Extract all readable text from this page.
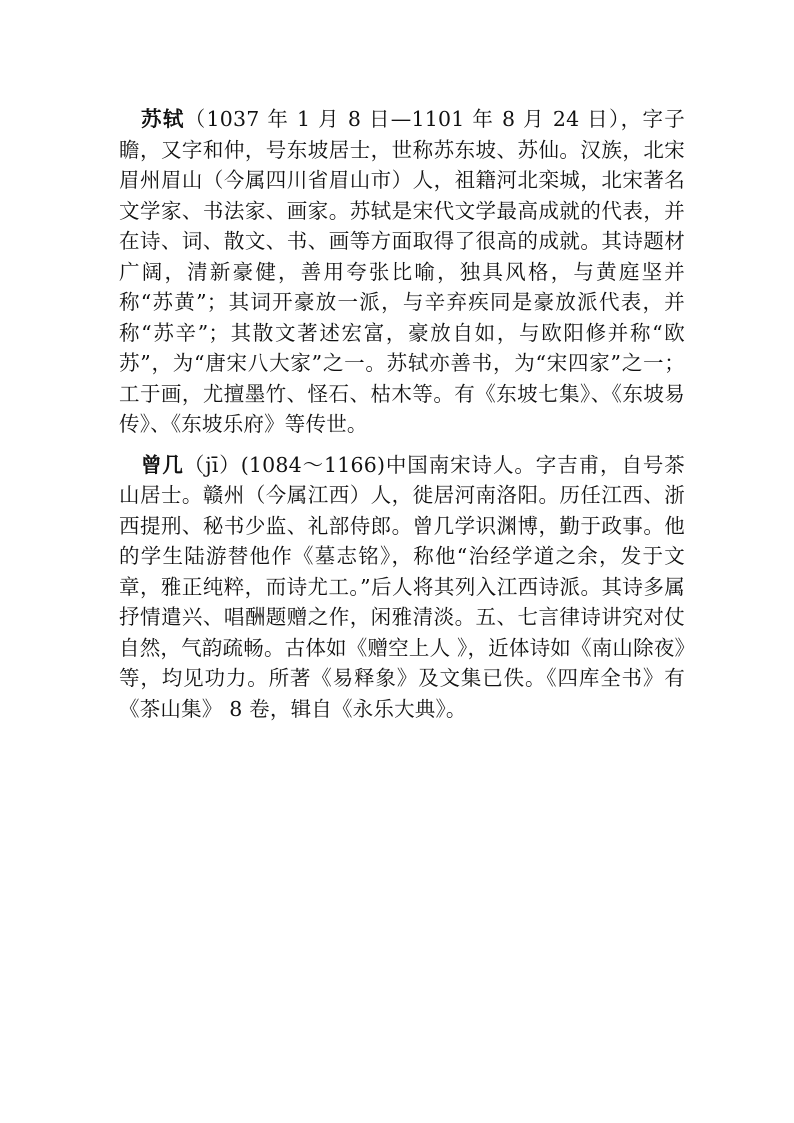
苏轼（1037 年 1 月 8 日—1101 年 8 月 24 日），字子瞻，又字和仲，号东坡居士，世称苏东坡、苏仙。汉族，北宋眉州眉山（今属四川省眉山市）人，祖籍河北栾城，北宋著名文学家、书法家、画家。苏轼是宋代文学最高成就的代表，并在诗、词、散文、书、画等方面取得了很高的成就。其诗题材广阔，清新豪健，善用夸张比喻，独具风格，与黄庭坚并称“苏黄”；其词开豪放一派，与辛弃疾同是豪放派代表，并称“苏辛”；其散文著述宏富，豪放自如，与欧阳修并称“欧苏”，为“唐宋八大家”之一。苏轼亦善书，为“宋四家”之一；工于画，尤擅墨竹、怪石、枯木等。有《东坡七集》、《东坡易传》、《东坡乐府》等传世。

曾几（jī）(1084～1166)中国南宋诗人。字吉甫，自号茶山居士。赣州（今属江西）人，徙居河南洛阳。历任江西、浙西提刑、秘书少监、礼部侍郎。曾几学识渊博，勤于政事。他的学生陆游替他作《墓志铭》，称他“治经学道之余，发于文章，雅正纯粹，而诗尤工。”后人将其列入江西诗派。其诗多属抒情遣兴、唱酬题赠之作，闲雅清淡。五、七言律诗讲究对仗自然，气韵疏畅。古体如《赠空上人 》，近体诗如《南山除夜》等，均见功力。所著《易释象》及文集已佚。《四库全书》有《茶山集》 8 卷，辑自《永乐大典》。
